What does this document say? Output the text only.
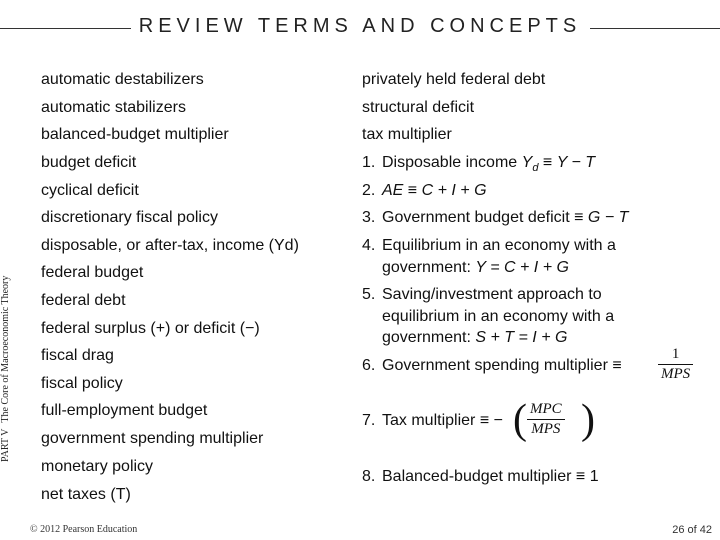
REVIEW TERMS AND CONCEPTS
PART VThe Core of Macroeconomic Theory
automatic destabilizers
automatic stabilizers
balanced-budget multiplier
budget deficit
cyclical deficit
discretionary fiscal policy
disposable, or after-tax, income (Yd)
federal budget
federal debt
federal surplus (+) or deficit (−)
fiscal drag
fiscal policy
full-employment budget
government spending multiplier
monetary policy
net taxes (T)
privately held federal debt
structural deficit
tax multiplier
1. Disposable income $Y_d \equiv Y - T$
2. AE ≡ C + I + G
3. Government budget deficit ≡ G − T
4. Equilibrium in an economy with a
government: Y = C + I + G
5. Saving/investment approach to
equilibrium in an economy with a
government: S + T = I + G
6. Government spending multiplier ≡
1
MPS
7. Tax multiplier ≡ − ( MPC
MPS )
8. Balanced-budget multiplier ≡ 1
© 2012 Pearson Education	26 of 42
